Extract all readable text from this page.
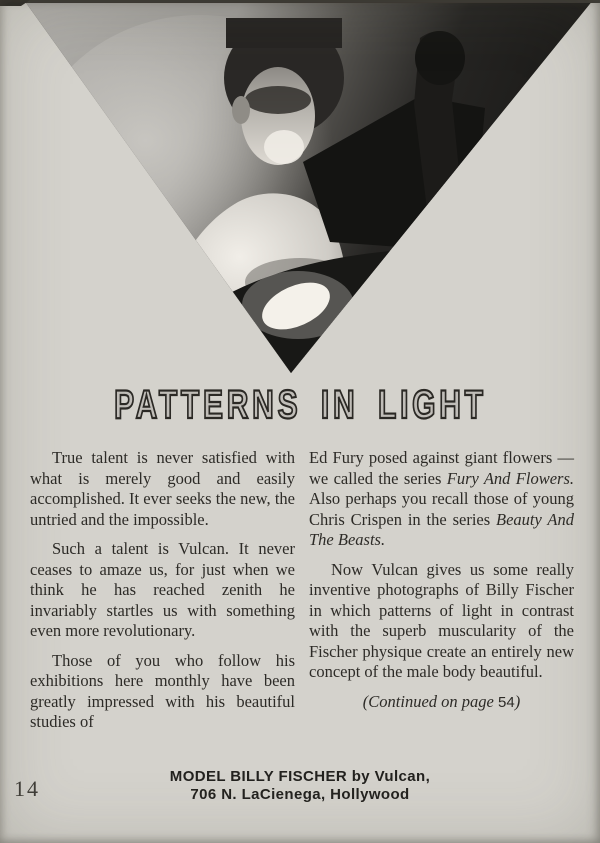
PATTERNS IN LIGHT

True talent is never satisfied with what is merely good and easily accomplished. It ever seeks the new, the untried and the impossible.

Such a talent is Vulcan. It never ceases to amaze us, for just when we think he has reached zenith he invariably startles us with something even more revolutionary.

Those of you who follow his exhibitions here monthly have been greatly impressed with his beautiful studies of

Ed Fury posed against giant flowers — we called the series Fury And Flowers. Also perhaps you recall those of young Chris Crispen in the series Beauty And The Beasts.

Now Vulcan gives us some really inventive photographs of Billy Fischer in which patterns of light in contrast with the superb muscularity of the Fischer physique create an entirely new concept of the male body beautiful.

(Continued on page 54)

MODEL BILLY FISCHER by Vulcan,
706 N. LaCienega, Hollywood
14
